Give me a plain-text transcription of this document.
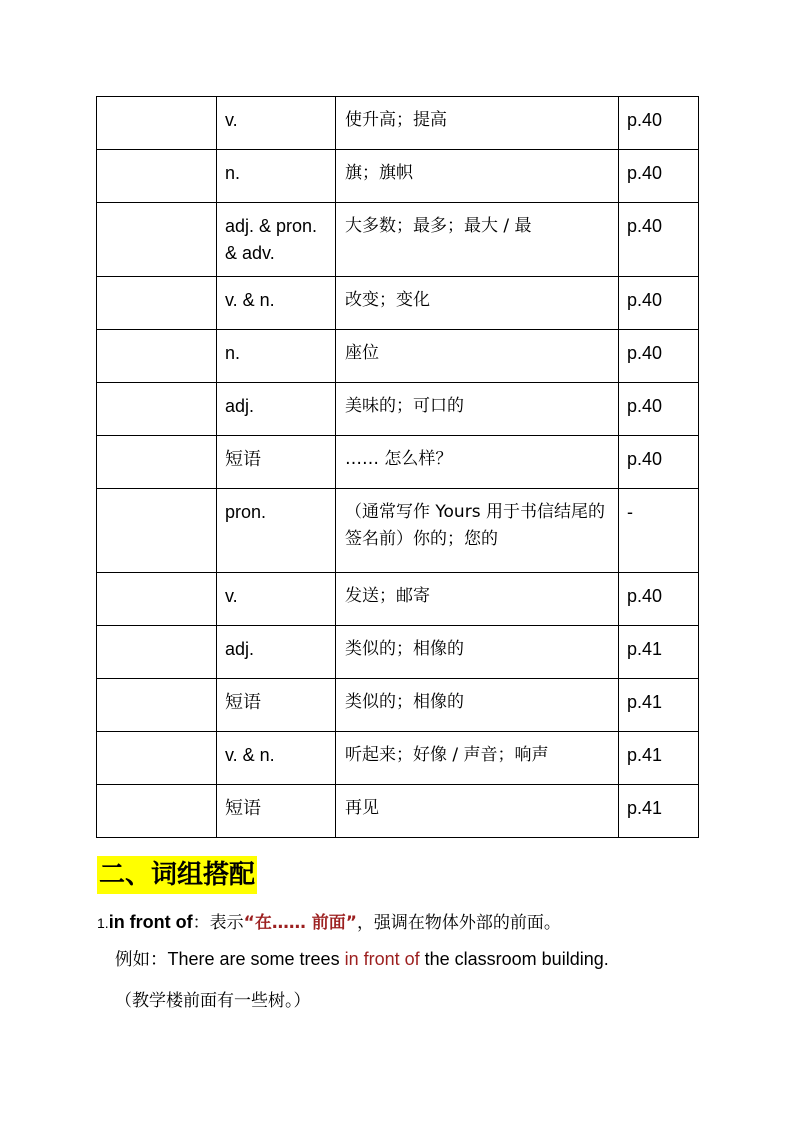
	v.	使升高；提高	p.40
	n.	旗；旗帜	p.40
	adj. & pron. & adv.	大多数；最多；最大 / 最	p.40
	v. & n.	改变；变化	p.40
	n.	座位	p.40
	adj.	美味的；可口的	p.40
	短语	…… 怎么样？	p.40
	pron.	（通常写作 Yours 用于书信结尾的签名前）你的；您的	-
	v.	发送；邮寄	p.40
	adj.	类似的；相像的	p.41
	短语	类似的；相像的	p.41
	v. & n.	听起来；好像 / 声音；响声	p.41
	短语	再见	p.41
二、词组搭配
1.in front of：表示“在…… 前面”，强调在物体外部的前面。
例如：There are some trees in front of the classroom building.
（教学楼前面有一些树。）
